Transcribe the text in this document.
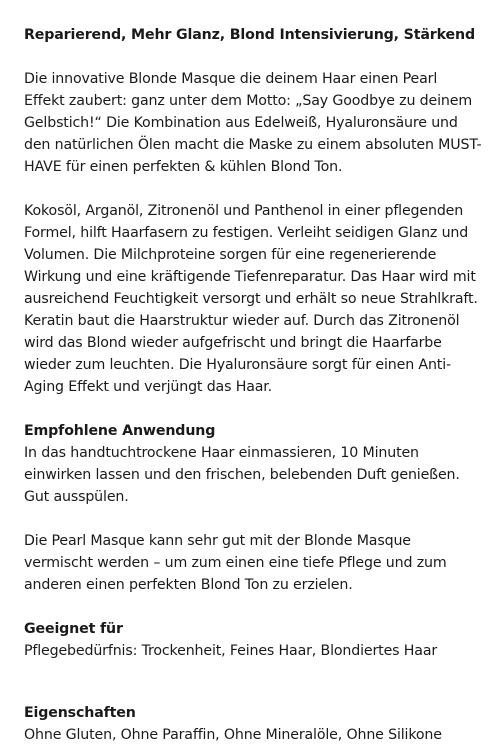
Reparierend, Mehr Glanz, Blond Intensivierung, Stärkend

Die innovative Blonde Masque die deinem Haar einen Pearl Effekt zaubert: ganz unter dem Motto: „Say Goodbye zu deinem Gelbstich!“ Die Kombination aus Edelweiß, Hyaluronsäure und den natürlichen Ölen macht die Maske zu einem absoluten MUST-HAVE für einen perfekten & kühlen Blond Ton.

Kokosöl, Arganöl, Zitronenöl und Panthenol in einer pflegenden Formel, hilft Haarfasern zu festigen. Verleiht seidigen Glanz und Volumen. Die Milchproteine sorgen für eine regenerierende Wirkung und eine kräftigende Tiefenreparatur. Das Haar wird mit ausreichend Feuchtigkeit versorgt und erhält so neue Strahlkraft. Keratin baut die Haarstruktur wieder auf. Durch das Zitronenöl wird das Blond wieder aufgefrischt und bringt die Haarfarbe wieder zum leuchten. Die Hyaluronsäure sorgt für einen Anti-Aging Effekt und verjüngt das Haar.

Empfohlene Anwendung

In das handtuchtrockene Haar einmassieren, 10 Minuten einwirken lassen und den frischen, belebenden Duft genießen. Gut ausspülen.

Die Pearl Masque kann sehr gut mit der Blonde Masque vermischt werden – um zum einen eine tiefe Pflege und zum anderen einen perfekten Blond Ton zu erzielen.

Geeignet für

Pflegebedürfnis: Trockenheit, Feines Haar, Blondiertes Haar

Eigenschaften

Ohne Gluten, Ohne Paraffin, Ohne Mineralöle, Ohne Silikone
